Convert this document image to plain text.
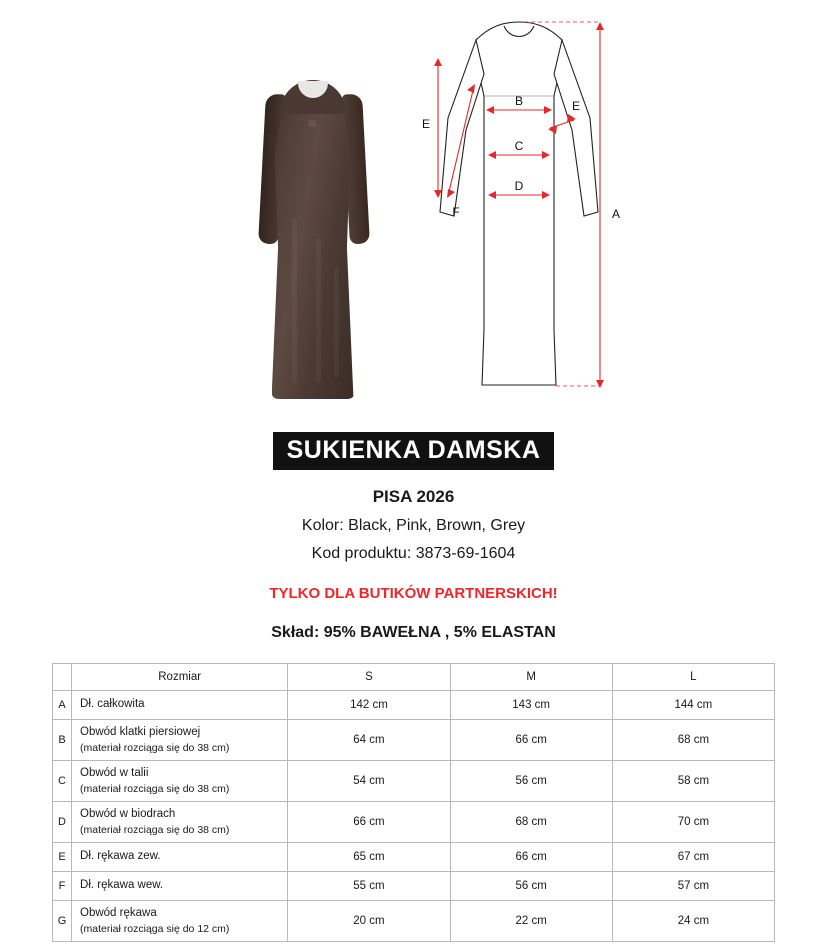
A
B
C
D
E
E
F
SUKIENKA DAMSKA
PISA 2026
Kolor: Black, Pink, Brown, Grey
Kod produktu: 3873-69-1604
TYLKO DLA BUTIKÓW PARTNERSKICH!
Skład: 95% BAWEŁNA , 5% ELASTAN
	Rozmiar	S	M	L
A	Dł. całkowita	142 cm	143 cm	144 cm
B	Obwód klatki piersiowej
(materiał rozciąga się do 38 cm)	64 cm	66 cm	68 cm
C	Obwód w talii
(materiał rozciąga się do 38 cm)	54 cm	56 cm	58 cm
D	Obwód w biodrach
(materiał rozciąga się do 38 cm)	66 cm	68 cm	70 cm
E	Dł. rękawa zew.	65 cm	66 cm	67 cm
F	Dł. rękawa wew.	55 cm	56 cm	57 cm
G	Obwód rękawa
(materiał rozciąga się do 12 cm)	20 cm	22 cm	24 cm
